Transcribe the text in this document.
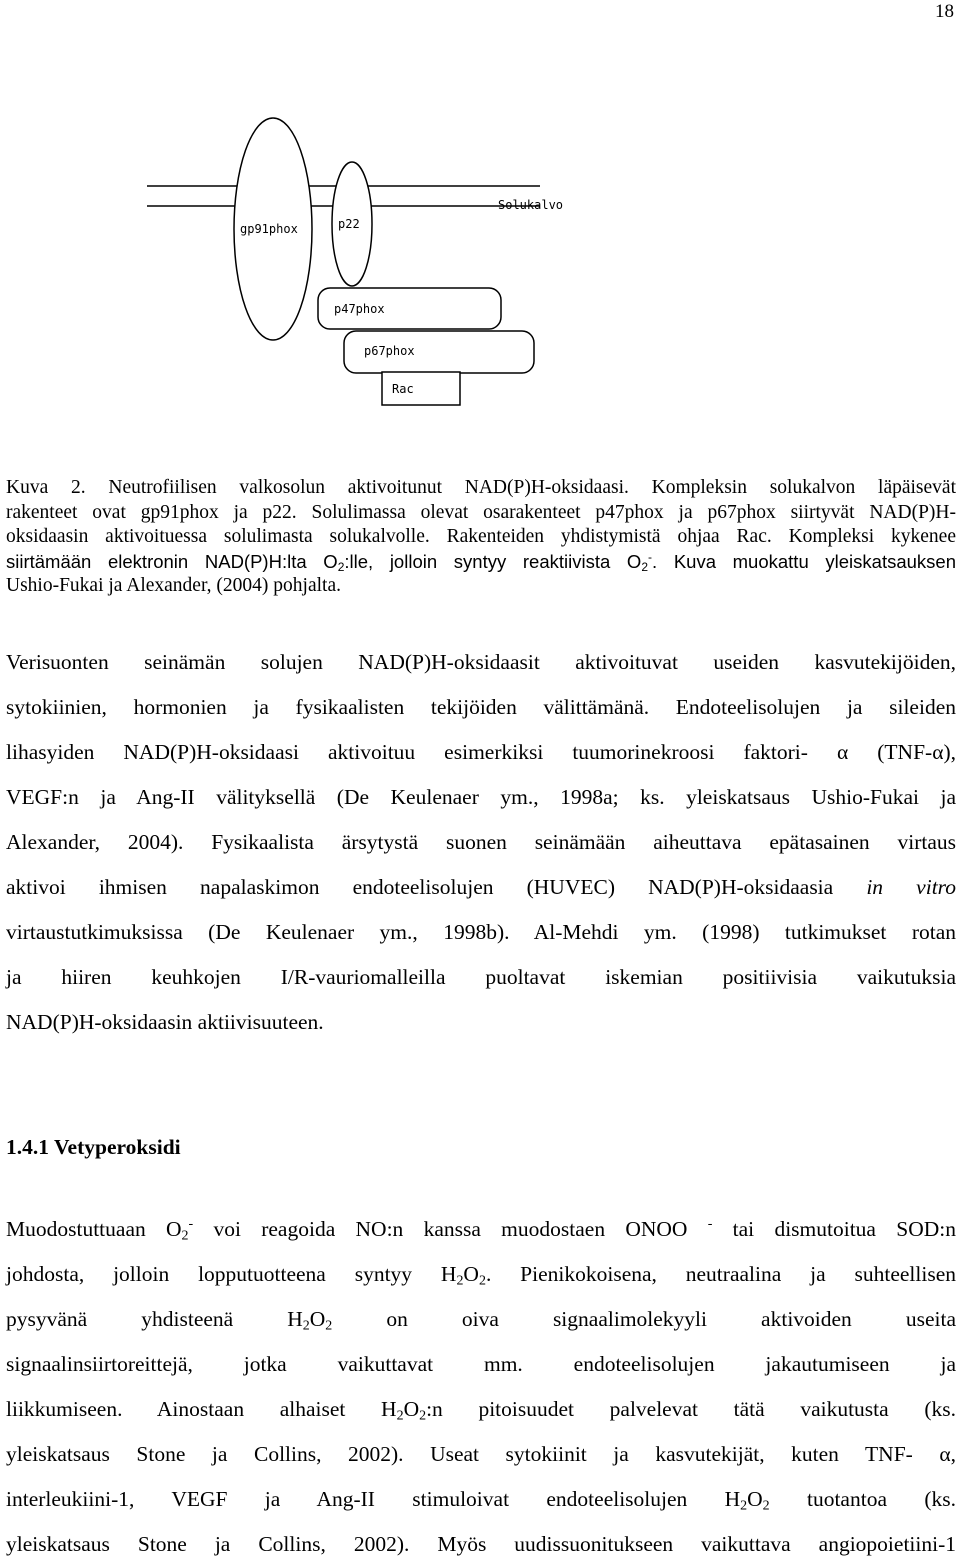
18
Solukalvo
gp91phox	p22
p47phox
p67phox
Rac
Kuva 2. Neutrofiilisen valkosolun aktivoitunut NAD(P)H-oksidaasi. Kompleksin solukalvon läpäisevät
rakenteet ovat gp91phox ja p22. Solulimassa olevat osarakenteet p47phox ja p67phox siirtyvät NAD(P)H-
oksidaasin aktivoituessa solulimasta solukalvolle. Rakenteiden yhdistymistä ohjaa Rac. Kompleksi kykenee
siirtämään elektronin NAD(P)H:lta $O_2:lle$, jolloin syntyy reaktiivista $O_2^-$. Kuva muokattu yleiskatsauksen
Ushio-Fukai ja Alexander, (2004) pohjalta.
Verisuonten seinämän solujen NAD(P)H-oksidaasit aktivoituvat useiden kasvutekijöiden,
sytokiinien, hormonien ja fysikaalisten tekijöiden välittämänä. Endoteelisolujen ja sileiden
lihasyiden NAD(P)H-oksidaasi aktivoituu esimerkiksi tuumorinekroosi faktori- α (TNF-α),
VEGF:n ja Ang-II välityksellä (De Keulenaer ym., 1998a; ks. yleiskatsaus Ushio-Fukai ja
Alexander, 2004). Fysikaalista ärsytystä suonen seinämään aiheuttava epätasainen virtaus
aktivoi ihmisen napalaskimon endoteelisolujen (HUVEC) NAD(P)H-oksidaasia in vitro
virtaustutkimuksissa (De Keulenaer ym., 1998b). Al-Mehdi ym. (1998) tutkimukset rotan
ja hiiren keuhkojen I/R-vauriomalleilla puoltavat iskemian positiivisia vaikutuksia
NAD(P)H-oksidaasin aktiivisuuteen.
1.4.1 Vetyperoksidi
Muodostuttuaan $O_2^-$ voi reagoida NO:n kanssa muodostaen ONOO - tai dismutoitua SOD:n
johdosta, jolloin lopputuotteena syntyy $H_2O_2$. Pienikokoisena, neutraalina ja suhteellisen
pysyvänä yhdisteenä $H_2O_2$ on oiva signaalimolekyyli aktivoiden useita
signaalinsiirtoreittejä, jotka vaikuttavat mm. endoteelisolujen jakautumiseen ja
liikkumiseen. Ainostaan alhaiset $H_2O_2:n$ pitoisuudet palvelevat tätä vaikutusta (ks.
yleiskatsaus Stone ja Collins, 2002). Useat sytokiinit ja kasvutekijät, kuten TNF- α,
interleukiini-1, VEGF ja Ang-II stimuloivat endoteelisolujen $H_2O_2$ tuotantoa (ks.
yleiskatsaus Stone ja Collins, 2002). Myös uudissuonitukseen vaikuttava angiopoietiini-1
